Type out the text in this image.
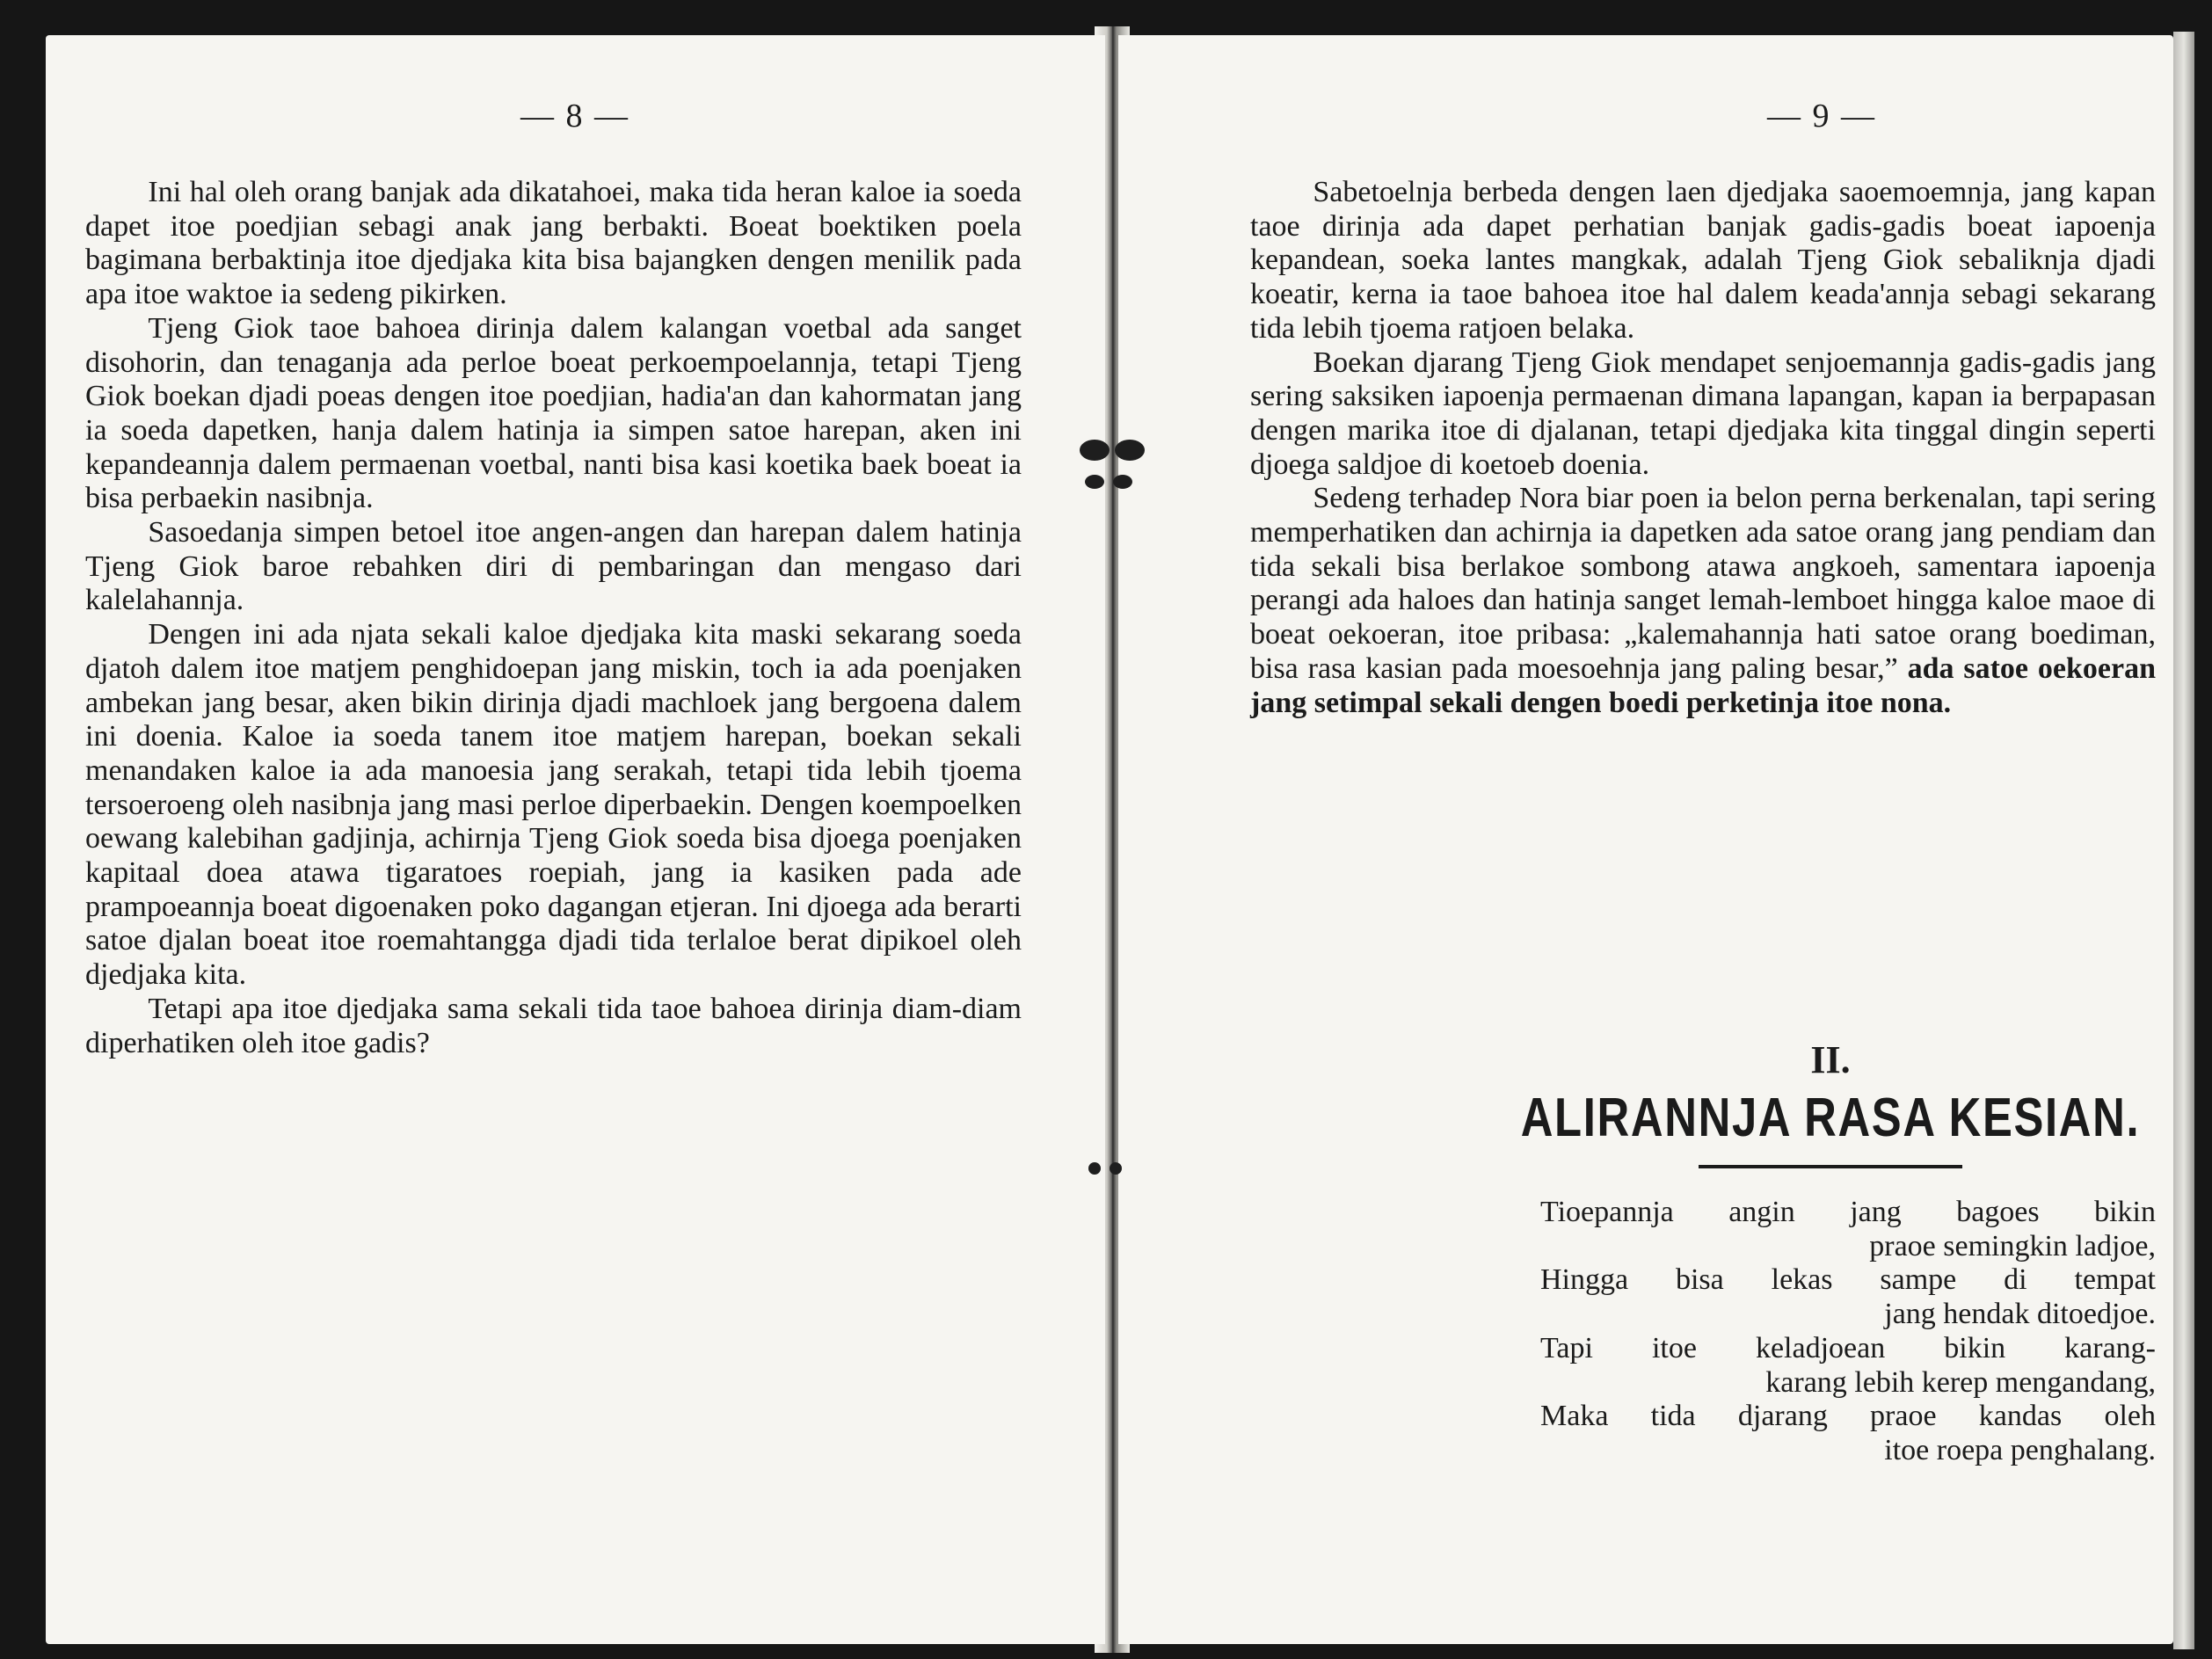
— 8 —

Ini hal oleh orang banjak ada dikatahoei, maka tida heran kaloe ia soeda dapet itoe poedjian sebagi anak jang berbakti. Boeat boektiken poela bagimana berbaktinja itoe djedjaka kita bisa bajangken dengen menilik pada apa itoe waktoe ia sedeng pikirken.

Tjeng Giok taoe bahoea dirinja dalem kalangan voetbal ada sanget disohorin, dan tenaganja ada perloe boeat perkoempoelannja, tetapi Tjeng Giok boekan djadi poeas dengen itoe poedjian, hadia'an dan kahormatan jang ia soeda dapetken, hanja dalem hatinja ia simpen satoe harepan, aken ini kepandeannja dalem permaenan voetbal, nanti bisa kasi koetika baek boeat ia bisa perbaekin nasibnja.

Sasoedanja simpen betoel itoe angen-angen dan harepan dalem hatinja Tjeng Giok baroe rebahken diri di pembaringan dan mengaso dari kalelahannja.

Dengen ini ada njata sekali kaloe djedjaka kita maski sekarang soeda djatoh dalem itoe matjem penghidoepan jang miskin, toch ia ada poenjaken ambekan jang besar, aken bikin dirinja djadi machloek jang bergoena dalem ini doenia. Kaloe ia soeda tanem itoe matjem harepan, boekan sekali menandaken kaloe ia ada manoesia jang serakah, tetapi tida lebih tjoema tersoeroeng oleh nasibnja jang masi perloe diperbaekin. Dengen koempoelken oewang kalebihan gadjinja, achirnja Tjeng Giok soeda bisa djoega poenjaken kapitaal doea atawa tigaratoes roepiah, jang ia kasiken pada ade prampoeannja boeat digoenaken poko dagangan etjeran. Ini djoega ada berarti satoe djalan boeat itoe roemahtangga djadi tida terlaloe berat dipikoel oleh djedjaka kita.

Tetapi apa itoe djedjaka sama sekali tida taoe bahoea dirinja diam-diam diperhatiken oleh itoe gadis?

— 9 —

Sabetoelnja berbeda dengen laen djedjaka saoemoemnja, jang kapan taoe dirinja ada dapet perhatian banjak gadis-gadis boeat iapoenja kepandean, soeka lantes mangkak, adalah Tjeng Giok sebaliknja djadi koeatir, kerna ia taoe bahoea itoe hal dalem keada'annja sebagi sekarang tida lebih tjoema ratjoen belaka.

Boekan djarang Tjeng Giok mendapet senjoemannja gadis-gadis jang sering saksiken iapoenja permaenan dimana lapangan, kapan ia berpapasan dengen marika itoe di djalanan, tetapi djedjaka kita tinggal dingin seperti djoega saldjoe di koetoeb doenia.

Sedeng terhadep Nora biar poen ia belon perna berkenalan, tapi sering memperhatiken dan achirnja ia dapetken ada satoe orang jang pendiam dan tida sekali bisa berlakoe sombong atawa angkoeh, samentara iapoenja perangi ada haloes dan hatinja sanget lemah-lemboet hingga kaloe maoe di boeat oekoeran, itoe pribasa: „kalemahannja hati satoe orang boediman, bisa rasa kasian pada moesoehnja jang paling besar,” ada satoe oekoeran jang setimpal sekali dengen boedi perketinja itoe nona.

II.
ALIRANNJA RASA KESIAN.
Tioepannja angin jang bagoes bikin
praoe semingkin ladjoe,
Hingga bisa lekas sampe di tempat
jang hendak ditoedjoe.
Tapi itoe keladjoean bikin karang-
karang lebih kerep mengandang,
Maka tida djarang praoe kandas oleh
itoe roepa penghalang.
